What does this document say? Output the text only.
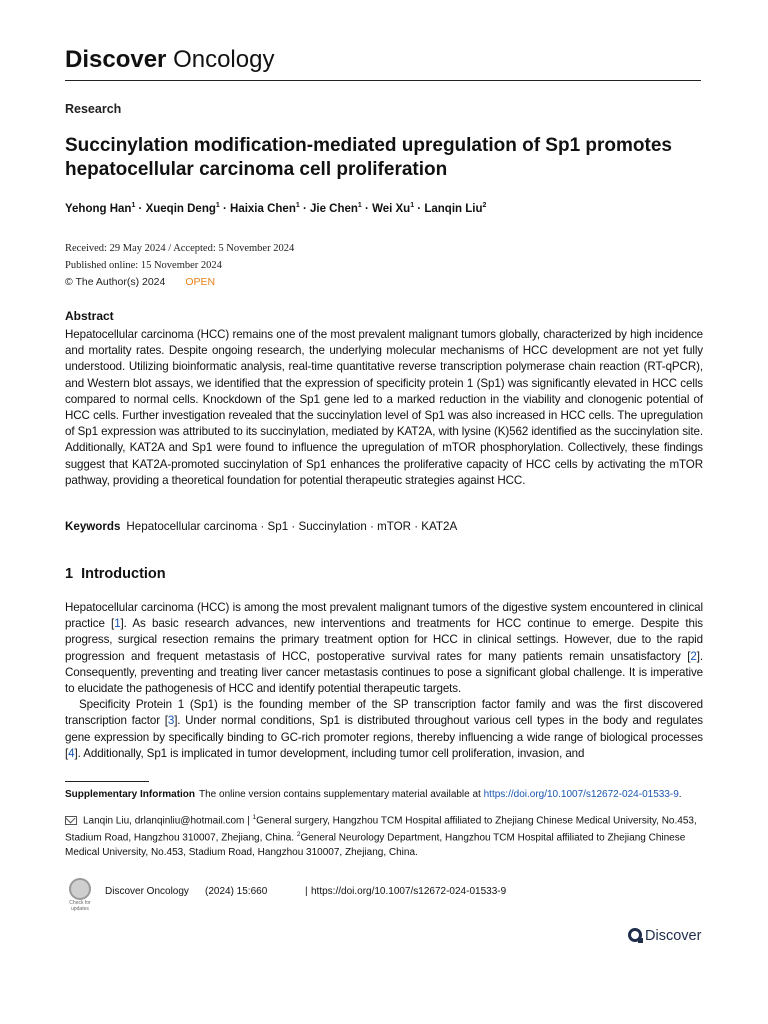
Discover Oncology
Research
Succinylation modification-mediated upregulation of Sp1 promotes hepatocellular carcinoma cell proliferation
Yehong Han$^1$ · Xueqin Deng$^1$ · Haixia Chen$^1$ · Jie Chen$^1$ · Wei $Xu^1$ · Lanqin Liu$^2$
Received: 29 May 2024 / Accepted: 5 November 2024
Published online: 15 November 2024
© The Author(s) 2024 OPEN
Abstract

Hepatocellular carcinoma (HCC) remains one of the most prevalent malignant tumors globally, characterized by high incidence and mortality rates. Despite ongoing research, the underlying molecular mechanisms of HCC development are not yet fully understood. Utilizing bioinformatic analysis, real-time quantitative reverse transcription polymerase chain reaction (RT-qPCR), and Western blot assays, we identified that the expression of specificity protein 1 (Sp1) was significantly elevated in HCC cells compared to normal cells. Knockdown of the Sp1 gene led to a marked reduction in the viability and clonogenic potential of HCC cells. Further investigation revealed that the succinylation level of Sp1 was also increased in HCC cells. The upregulation of Sp1 expression was attributed to its succinylation, mediated by KAT2A, with lysine (K)562 identified as the succinylation site. Additionally, KAT2A and Sp1 were found to influence the upregulation of mTOR phosphorylation. Collectively, these findings suggest that KAT2A-promoted succinylation of Sp1 enhances the proliferative capacity of HCC cells by activating the mTOR pathway, providing a theoretical foundation for potential therapeutic strategies against HCC.

Keywords Hepatocellular carcinoma · Sp1 · Succinylation · mTOR · KAT2A
1 Introduction

Hepatocellular carcinoma (HCC) is among the most prevalent malignant tumors of the digestive system encountered in clinical practice [1]. As basic research advances, new interventions and treatments for HCC continue to emerge. Despite this progress, surgical resection remains the primary treatment option for HCC in clinical settings. However, due to the rapid progression and frequent metastasis of HCC, postoperative survival rates for many patients remain unsatisfactory [2]. Consequently, preventing and treating liver cancer metastasis continues to pose a significant global challenge. It is imperative to elucidate the pathogenesis of HCC and identify potential therapeutic targets.

Specificity Protein 1 (Sp1) is the founding member of the SP transcription factor family and was the first discovered transcription factor [3]. Under normal conditions, Sp1 is distributed throughout various cell types in the body and regulates gene expression by specifically binding to GC-rich promoter regions, thereby influencing a wide range of biological processes [4]. Additionally, Sp1 is implicated in tumor development, including tumor cell proliferation, invasion, and

Supplementary Information The online version contains supplementary material available at https://doi.org/10.1007/s12672-024-01533-9.
Lanqin Liu, drlanqinliu@hotmail.com | $^1$General surgery, Hangzhou TCM Hospital affiliated to Zhejiang Chinese Medical University, No.453, Stadium Road, Hangzhou 310007, Zhejiang, China. $^2$General Neurology Department, Hangzhou TCM Hospital affiliated to Zhejiang Chinese Medical University, No.453, Stadium Road, Hangzhou 310007, Zhejiang, China.
Check for updates
Discover Oncology (2024) 15:660	| https://doi.org/10.1007/s12672-024-01533-9
Discover
